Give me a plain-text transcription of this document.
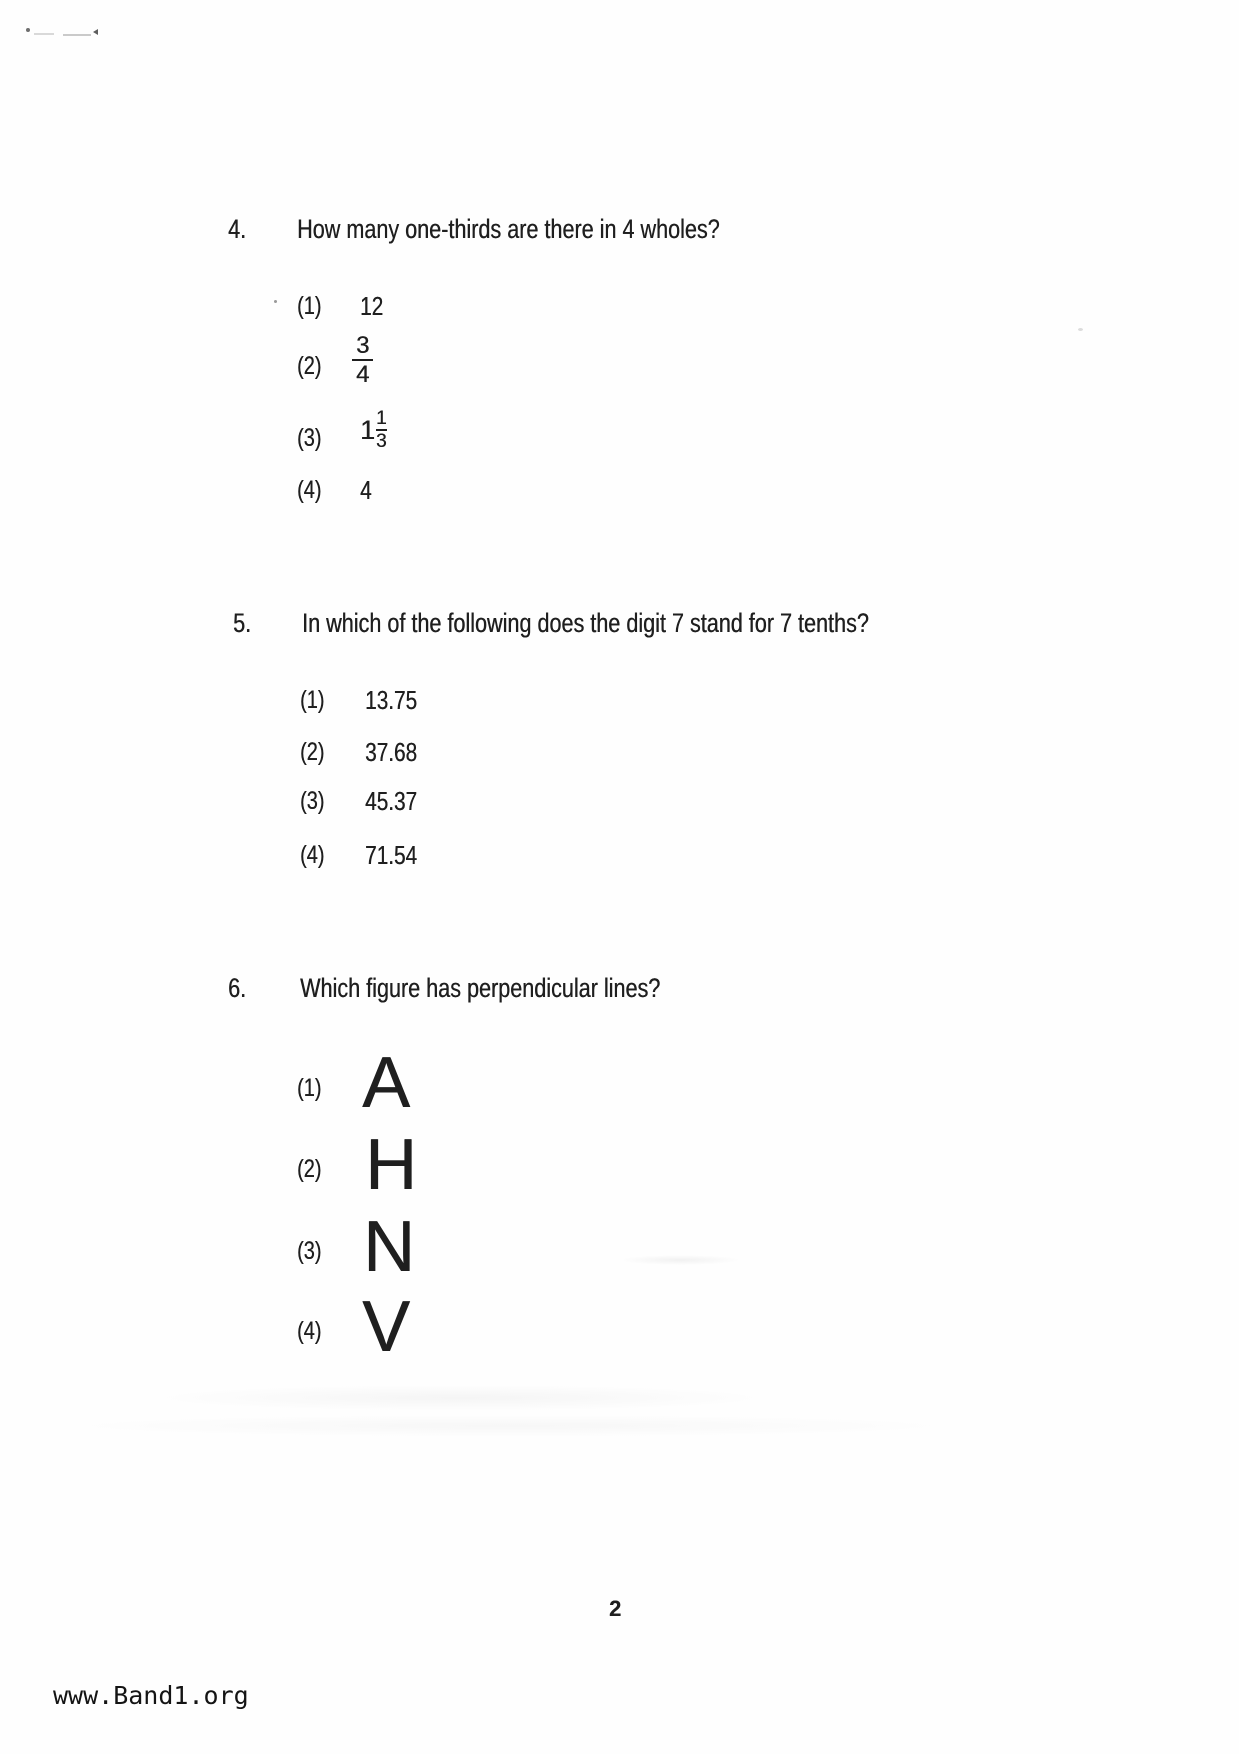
4. How many one-thirds are there in 4 wholes?
(1) 12
(2)
3
4
(3) $1 \frac{1}{3}$
(4) 4
5. In which of the following does the digit 7 stand for 7 tenths?
(1) 13.75
(2) 37.68
(3) 45.37
(4) 71.54
6. Which figure has perpendicular lines?
(1) A
(2) H
(3) N
(4) V
2
www.Band1.org
